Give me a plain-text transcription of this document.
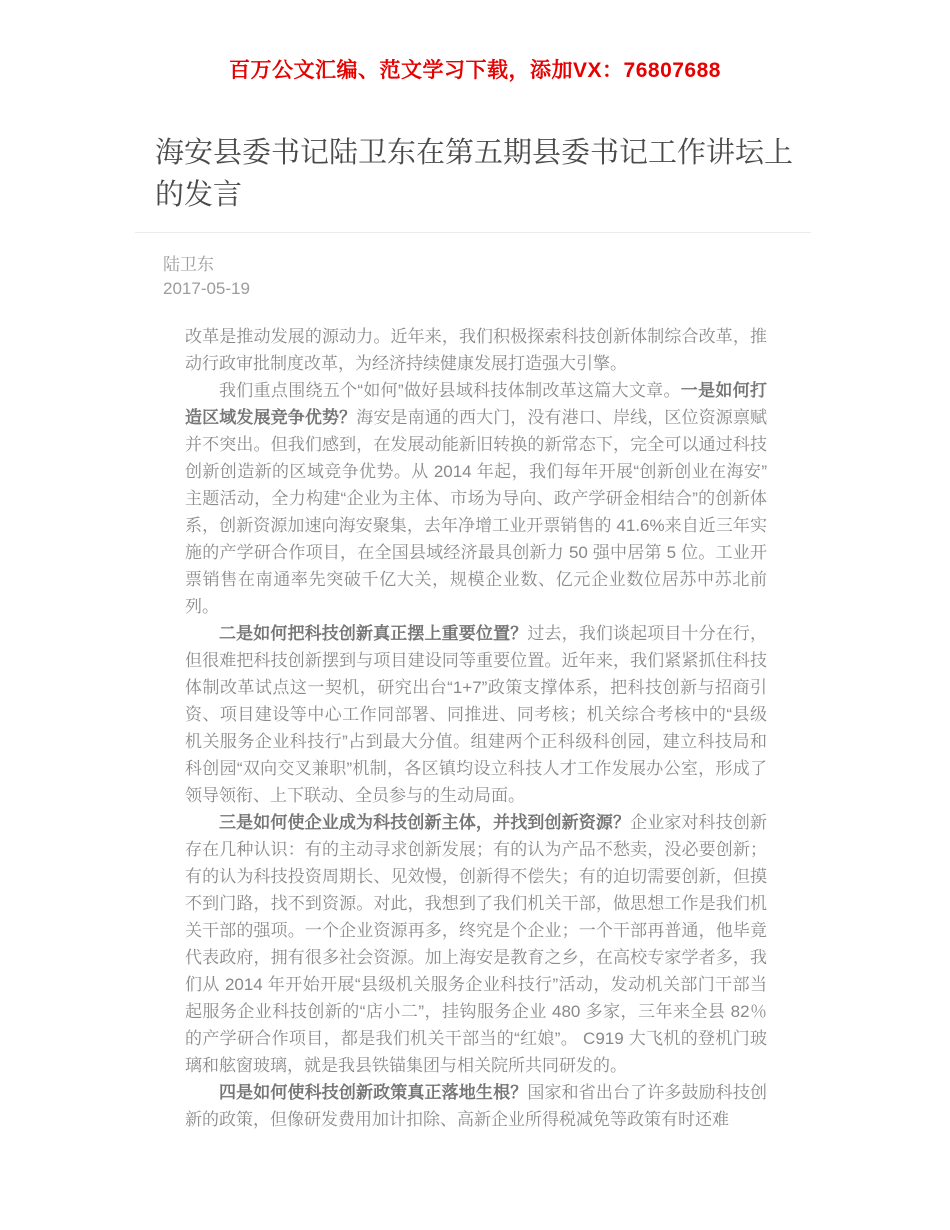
百万公文汇编、范文学习下载，添加VX：76807688
海安县委书记陆卫东在第五期县委书记工作讲坛上的发言
陆卫东
2017-05-19

改革是推动发展的源动力。近年来，我们积极探索科技创新体制综合改革，推动行政审批制度改革，为经济持续健康发展打造强大引擎。

我们重点围绕五个“如何”做好县域科技体制改革这篇大文章。一是如何打造区域发展竞争优势？海安是南通的西大门，没有港口、岸线，区位资源禀赋并不突出。但我们感到，在发展动能新旧转换的新常态下，完全可以通过科技创新创造新的区域竞争优势。从 2014 年起，我们每年开展“创新创业在海安”主题活动，全力构建“企业为主体、市场为导向、政产学研金相结合”的创新体系，创新资源加速向海安聚集，去年净增工业开票销售的 41.6%来自近三年实施的产学研合作项目，在全国县域经济最具创新力 50 强中居第 5 位。工业开票销售在南通率先突破千亿大关，规模企业数、亿元企业数位居苏中苏北前列。

二是如何把科技创新真正摆上重要位置？过去，我们谈起项目十分在行，但很难把科技创新摆到与项目建设同等重要位置。近年来，我们紧紧抓住科技体制改革试点这一契机，研究出台“1+7”政策支撑体系，把科技创新与招商引资、项目建设等中心工作同部署、同推进、同考核；机关综合考核中的“县级机关服务企业科技行”占到最大分值。组建两个正科级科创园，建立科技局和科创园“双向交叉兼职”机制，各区镇均设立科技人才工作发展办公室，形成了领导领衔、上下联动、全员参与的生动局面。

三是如何使企业成为科技创新主体，并找到创新资源？企业家对科技创新存在几种认识：有的主动寻求创新发展；有的认为产品不愁卖，没必要创新；有的认为科技投资周期长、见效慢，创新得不偿失；有的迫切需要创新，但摸不到门路，找不到资源。对此，我想到了我们机关干部，做思想工作是我们机关干部的强项。一个企业资源再多，终究是个企业；一个干部再普通，他毕竟代表政府，拥有很多社会资源。加上海安是教育之乡，在高校专家学者多，我们从 2014 年开始开展“县级机关服务企业科技行”活动，发动机关部门干部当起服务企业科技创新的“店小二”，挂钩服务企业 480 多家，三年来全县 82％的产学研合作项目，都是我们机关干部当的“红娘”。 C919 大飞机的登机门玻璃和舷窗玻璃，就是我县铁锚集团与相关院所共同研发的。

四是如何使科技创新政策真正落地生根？国家和省出台了许多鼓励科技创新的政策，但像研发费用加计扣除、高新企业所得税减免等政策有时还难
